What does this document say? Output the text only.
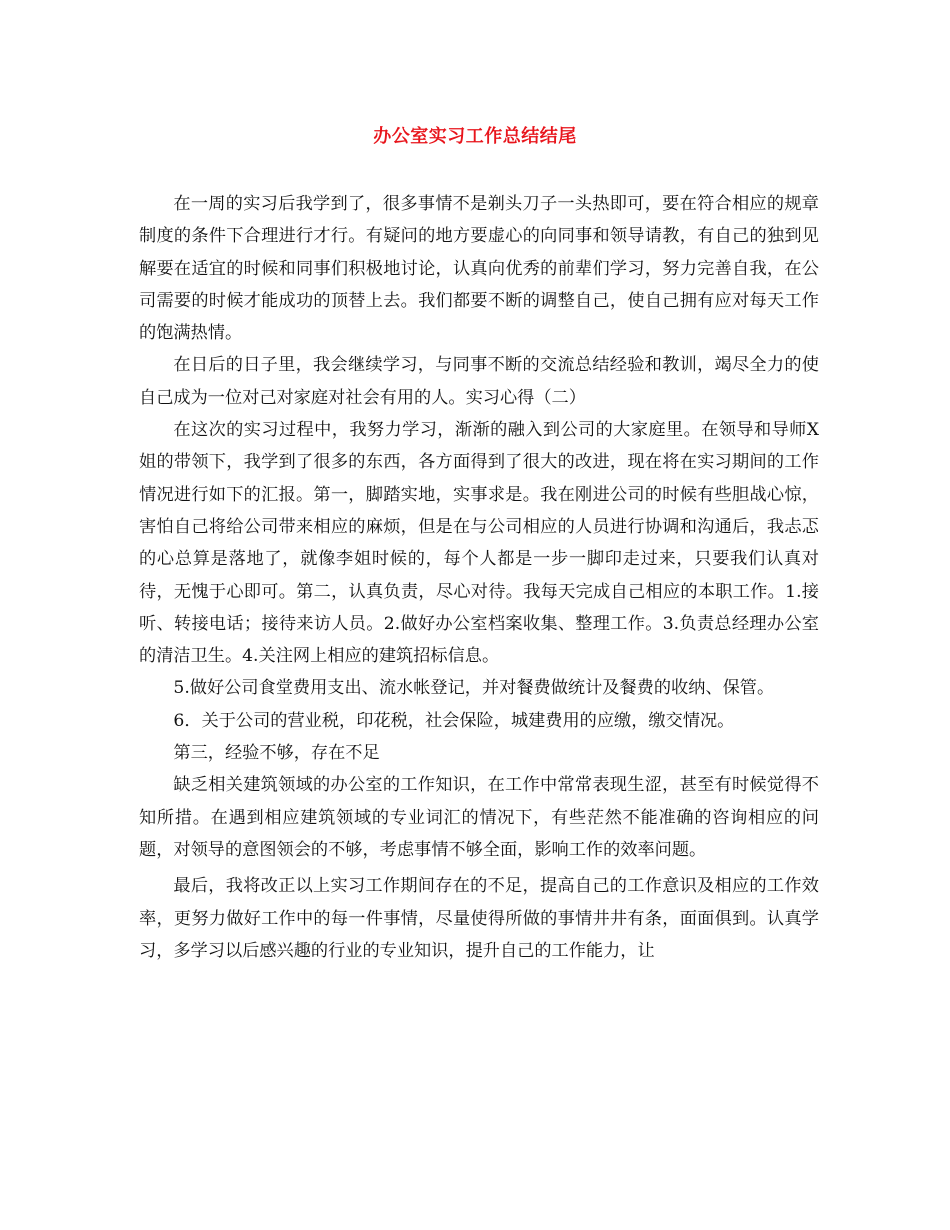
办公室实习工作总结结尾

在一周的实习后我学到了，很多事情不是剃头刀子一头热即可，要在符合相应的规章制度的条件下合理进行才行。有疑问的地方要虚心的向同事和领导请教，有自己的独到见解要在适宜的时候和同事们积极地讨论，认真向优秀的前辈们学习，努力完善自我，在公司需要的时候才能成功的顶替上去。我们都要不断的调整自己，使自己拥有应对每天工作的饱满热情。

在日后的日子里，我会继续学习，与同事不断的交流总结经验和教训，竭尽全力的使自己成为一位对己对家庭对社会有用的人。实习心得（二）

在这次的实习过程中，我努力学习，渐渐的融入到公司的大家庭里。在领导和导师X姐的带领下，我学到了很多的东西，各方面得到了很大的改进，现在将在实习期间的工作情况进行如下的汇报。第一，脚踏实地，实事求是。我在刚进公司的时候有些胆战心惊，害怕自己将给公司带来相应的麻烦，但是在与公司相应的人员进行协调和沟通后，我忐忑的心总算是落地了，就像李姐时候的，每个人都是一步一脚印走过来，只要我们认真对待，无愧于心即可。第二，认真负责，尽心对待。我每天完成自己相应的本职工作。1.接听、转接电话；接待来访人员。2.做好办公室档案收集、整理工作。3.负责总经理办公室的清洁卫生。4.关注网上相应的建筑招标信息。

5.做好公司食堂费用支出、流水帐登记，并对餐费做统计及餐费的收纳、保管。

6．关于公司的营业税，印花税，社会保险，城建费用的应缴，缴交情况。

第三，经验不够，存在不足

缺乏相关建筑领域的办公室的工作知识，在工作中常常表现生涩，甚至有时候觉得不知所措。在遇到相应建筑领域的专业词汇的情况下，有些茫然不能准确的咨询相应的问题，对领导的意图领会的不够，考虑事情不够全面，影响工作的效率问题。

最后，我将改正以上实习工作期间存在的不足，提高自己的工作意识及相应的工作效率，更努力做好工作中的每一件事情，尽量使得所做的事情井井有条，面面俱到。认真学习，多学习以后感兴趣的行业的专业知识，提升自己的工作能力，让
